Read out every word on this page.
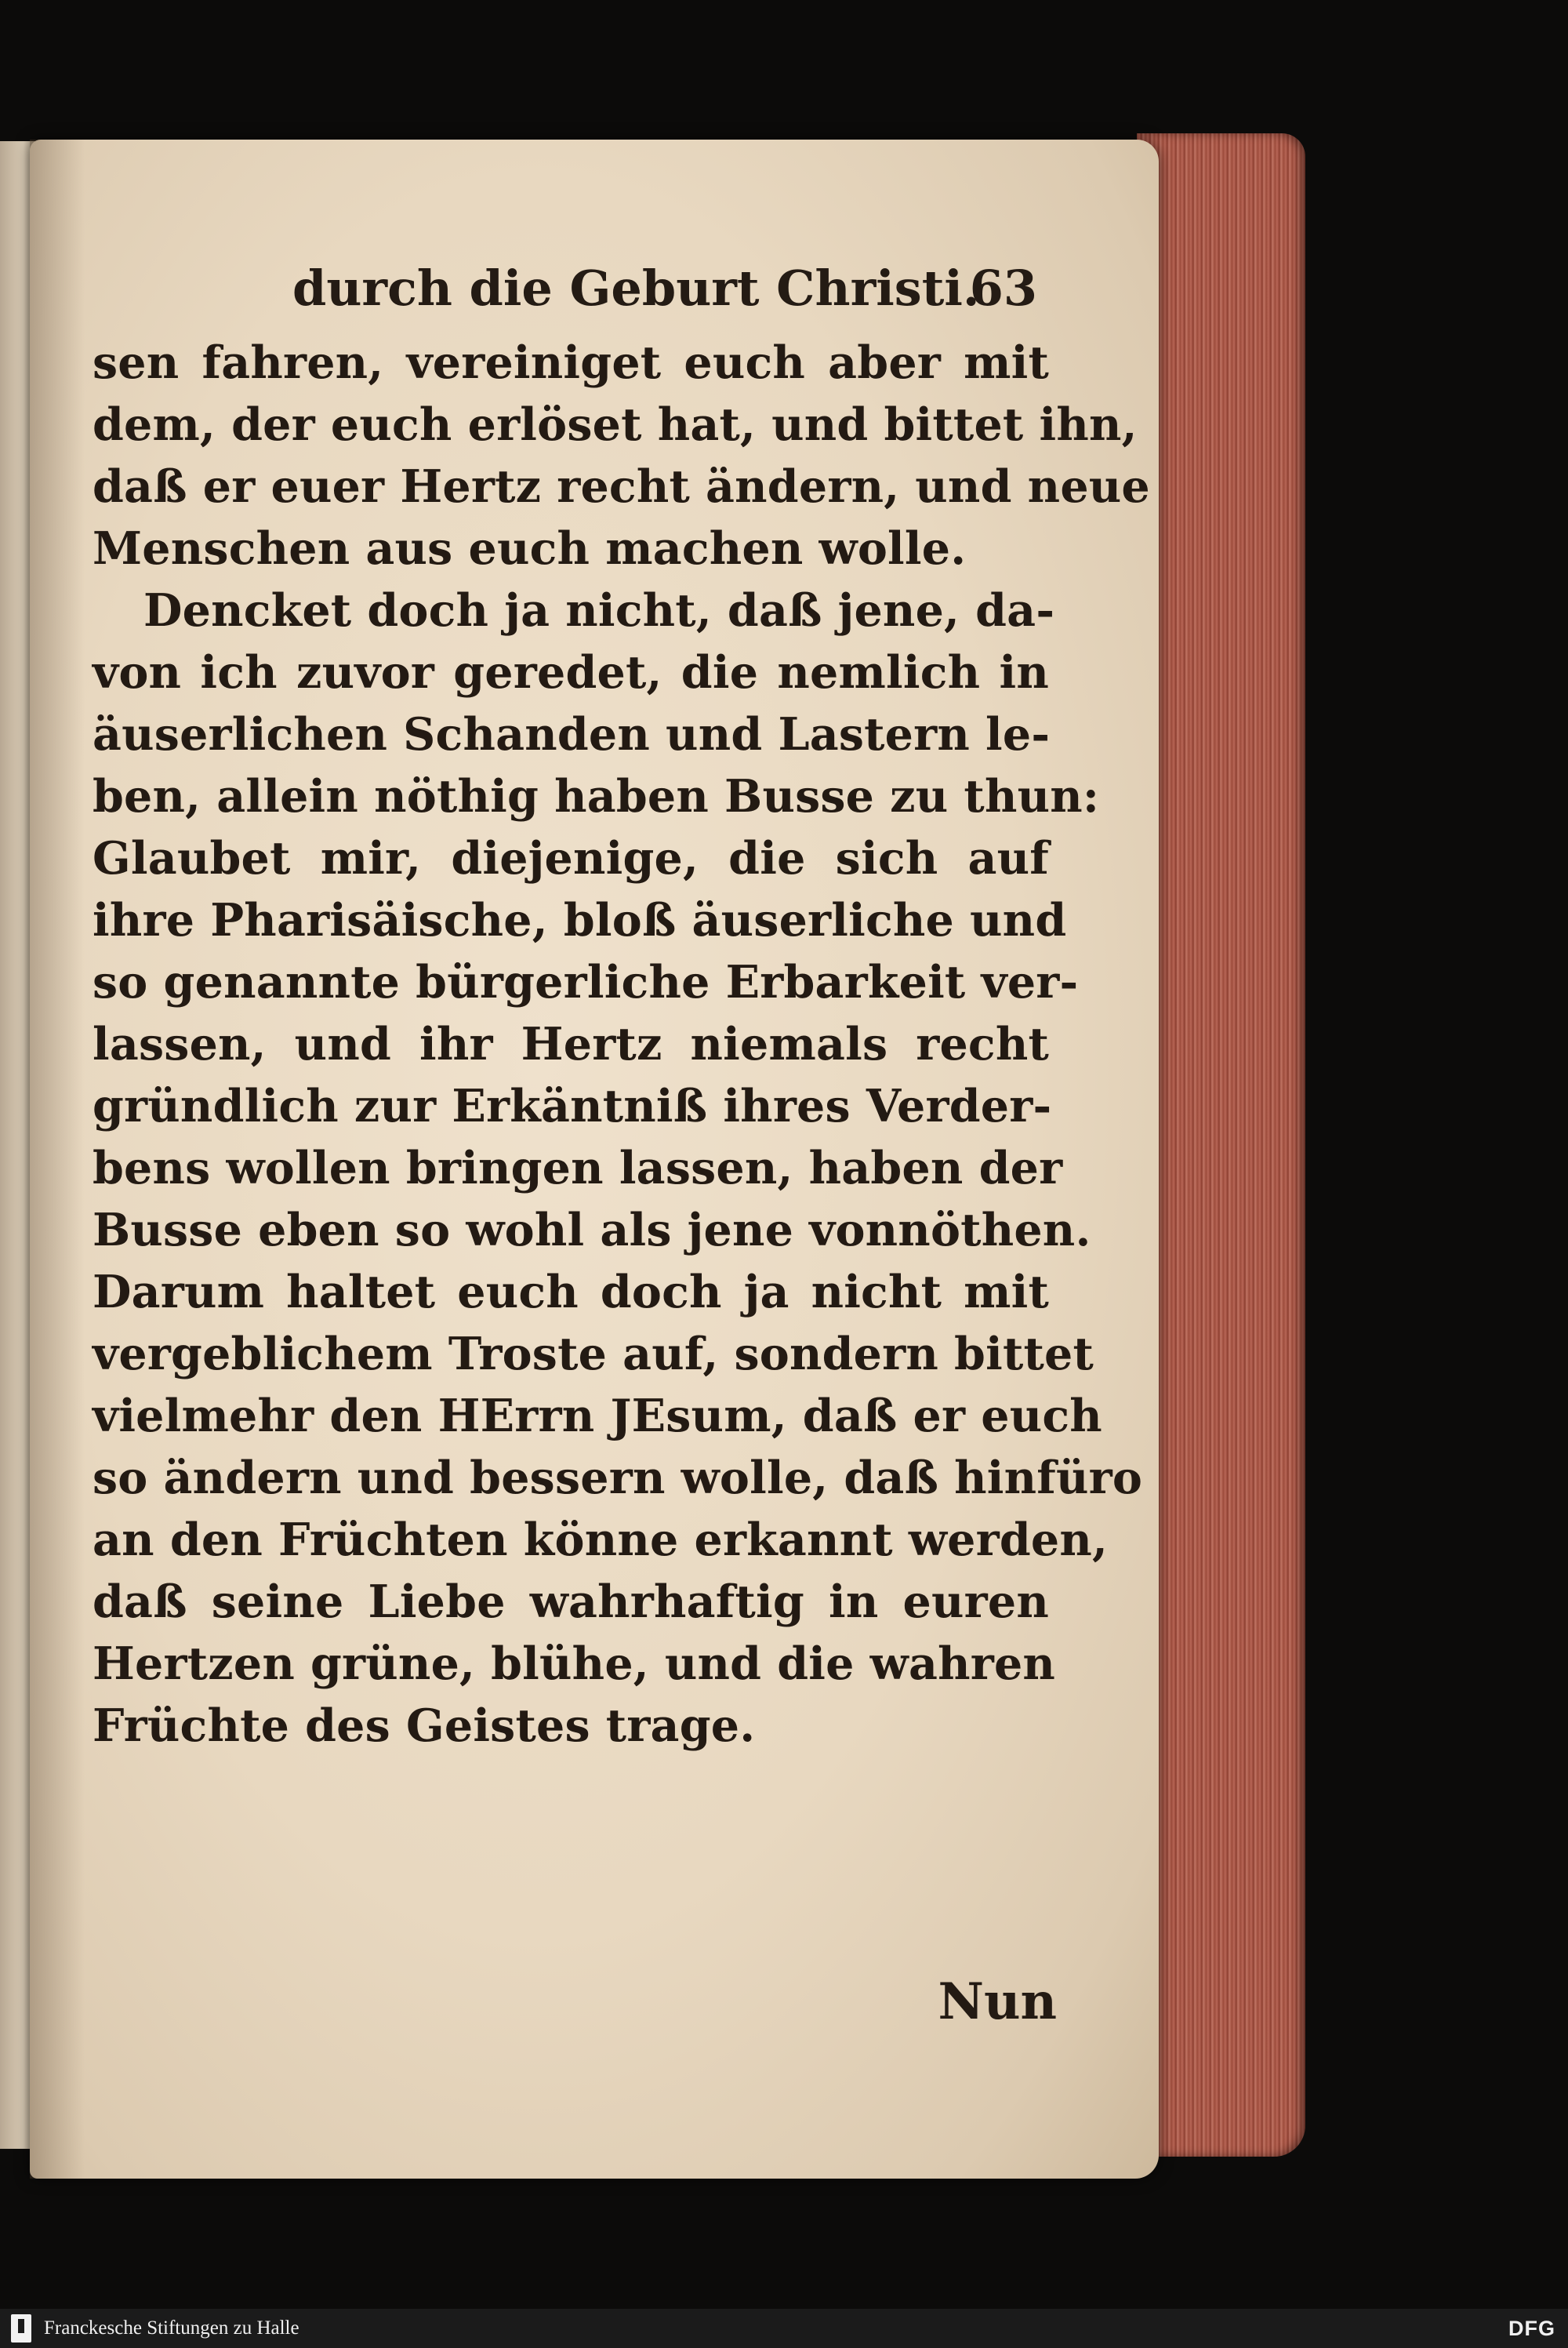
durch die Geburt Christi.
63
sen fahren, vereiniget euch aber mit
dem, der euch erlöset hat, und bittet ihn,
daß er euer Hertz recht ändern, und neue
Menschen aus euch machen wolle.
Dencket doch ja nicht, daß jene, da-
von ich zuvor geredet, die nemlich in
äuserlichen Schanden und Lastern le-
ben, allein nöthig haben Busse zu thun:
Glaubet mir, diejenige, die sich auf
ihre Pharisäische, bloß äuserliche und
so genannte bürgerliche Erbarkeit ver-
lassen, und ihr Hertz niemals recht
gründlich zur Erkäntniß ihres Verder-
bens wollen bringen lassen, haben der
Busse eben so wohl als jene vonnöthen.
Darum haltet euch doch ja nicht mit
vergeblichem Troste auf, sondern bittet
vielmehr den HErrn JEsum, daß er euch
so ändern und bessern wolle, daß hinfüro
an den Früchten könne erkannt werden,
daß seine Liebe wahrhaftig in euren
Hertzen grüne, blühe, und die wahren
Früchte des Geistes trage.
Nun
Franckesche Stiftungen zu Halle	DFG
